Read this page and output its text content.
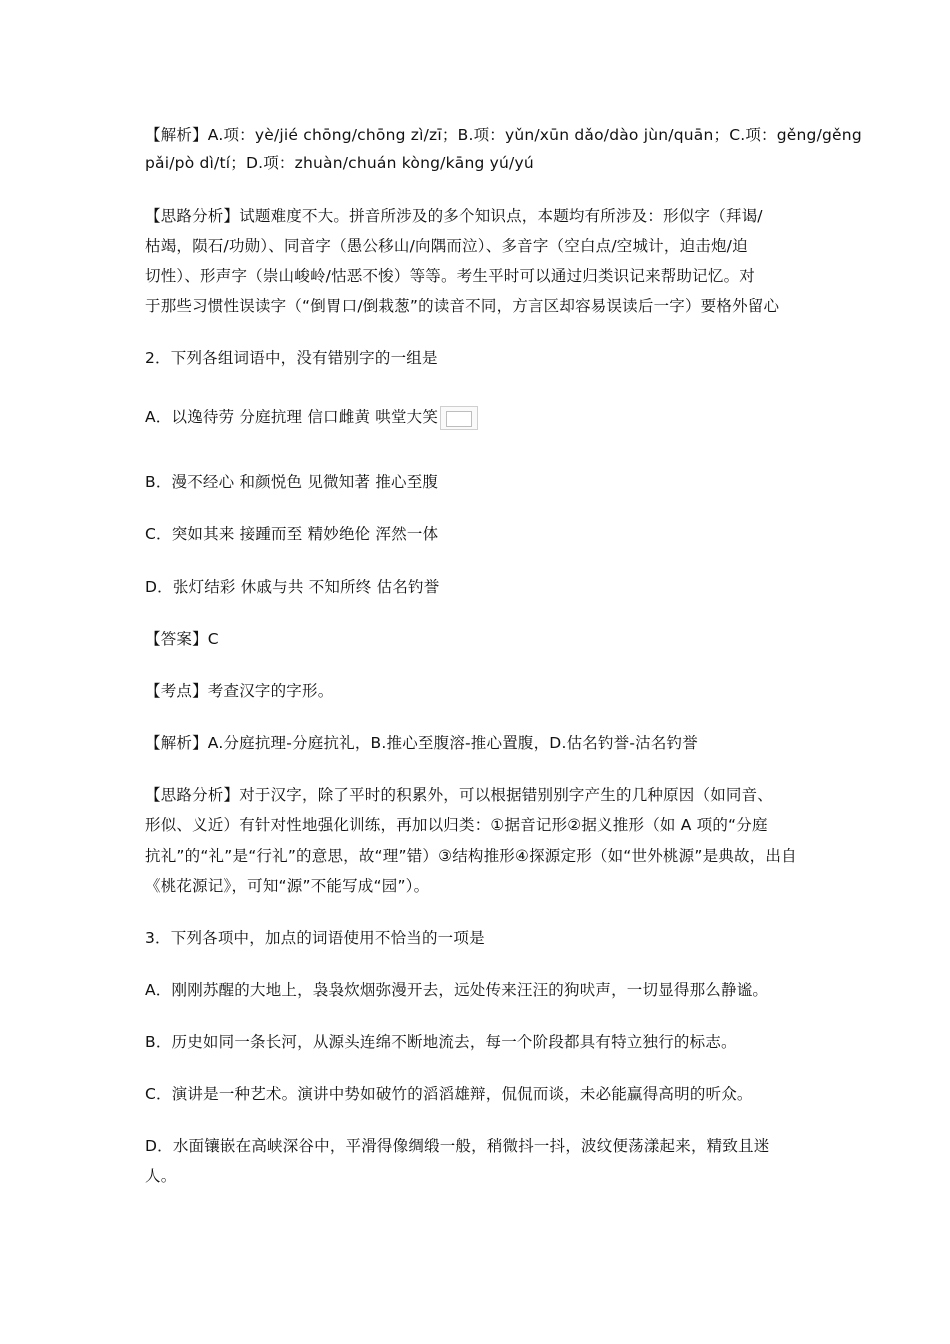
【解析】A.项：yè/jié chōng/chōng zì/zī；B.项：yǔn/xūn dǎo/dào jùn/quān；C.项：gěng/gěng
pǎi/pò dì/tí；D.项：zhuàn/chuán kòng/kāng yú/yú
【思路分析】试题难度不大。拼音所涉及的多个知识点，本题均有所涉及：形似字（拜谒/
枯竭，陨石/功勋）、同音字（愚公移山/向隅而泣）、多音字（空白点/空城计，迫击炮/迫
切性）、形声字（崇山峻岭/怙恶不悛）等等。考生平时可以通过归类识记来帮助记忆。对
于那些习惯性误读字（“倒胃口/倒栽葱”的读音不同，方言区却容易误读后一字）要格外留心
2．下列各组词语中，没有错别字的一组是
A．以逸待劳 分庭抗理 信口雌黄 哄堂大笑
B．漫不经心 和颜悦色 见微知著 推心至腹
C．突如其来 接踵而至 精妙绝伦 浑然一体
D．张灯结彩 休戚与共 不知所终 估名钓誉
【答案】C
【考点】考查汉字的字形。
【解析】A.分庭抗理-分庭抗礼，B.推心至腹溶-推心置腹，D.估名钓誉-沽名钓誉
【思路分析】对于汉字，除了平时的积累外，可以根据错别别字产生的几种原因（如同音、
形似、义近）有针对性地强化训练，再加以归类：①据音记形②据义推形（如 A 项的“分庭
抗礼”的“礼”是“行礼”的意思，故“理”错）③结构推形④探源定形（如“世外桃源”是典故，出自
《桃花源记》，可知“源”不能写成“园”）。
3．下列各项中，加点的词语使用不恰当的一项是
A．刚刚苏醒的大地上，袅袅炊烟弥漫开去，远处传来汪汪的狗吠声，一切显得那么静谧。
B．历史如同一条长河，从源头连绵不断地流去，每一个阶段都具有特立独行的标志。
C．演讲是一种艺术。演讲中势如破竹的滔滔雄辩，侃侃而谈，未必能赢得高明的听众。
D．水面镶嵌在高峡深谷中，平滑得像绸缎一般，稍微抖一抖，波纹便荡漾起来，精致且迷
人。
